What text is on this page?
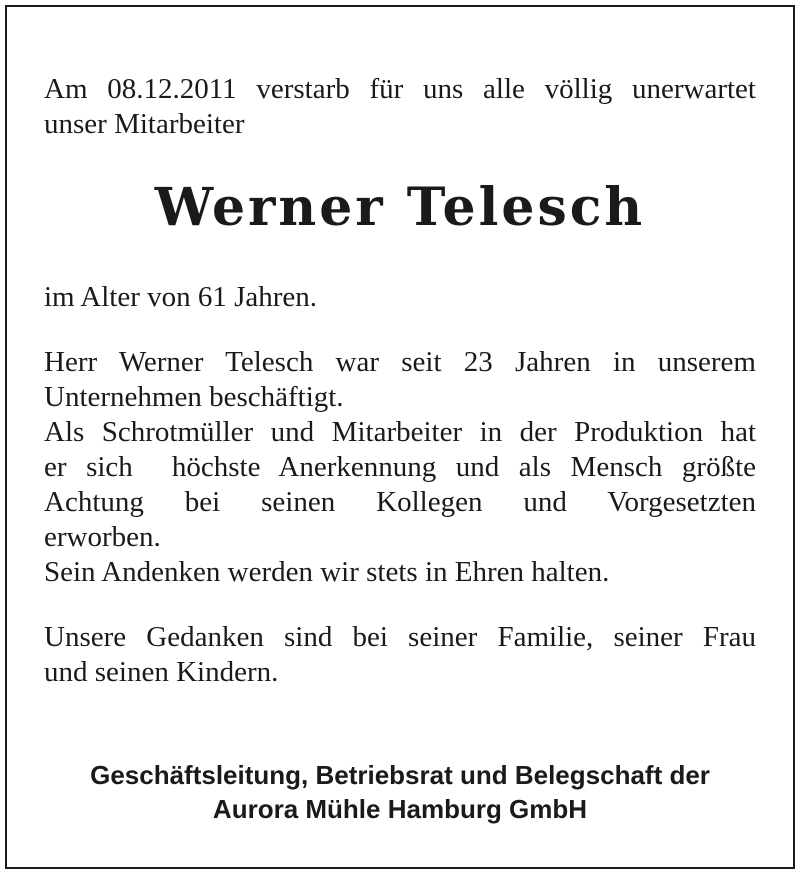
Am 08.12.2011 verstarb für uns alle völlig unerwartet
unser Mitarbeiter
Werner Telesch
im Alter von 61 Jahren.
Herr Werner Telesch war seit 23 Jahren in unserem
Unternehmen beschäftigt.
Als Schrotmüller und Mitarbeiter in der Produktion hat
er sich  höchste Anerkennung und als Mensch größte
Achtung bei seinen Kollegen und Vorgesetzten
erworben.
Sein Andenken werden wir stets in Ehren halten.
Unsere Gedanken sind bei seiner Familie, seiner Frau
und seinen Kindern.
Geschäftsleitung, Betriebsrat und Belegschaft der
Aurora Mühle Hamburg GmbH
